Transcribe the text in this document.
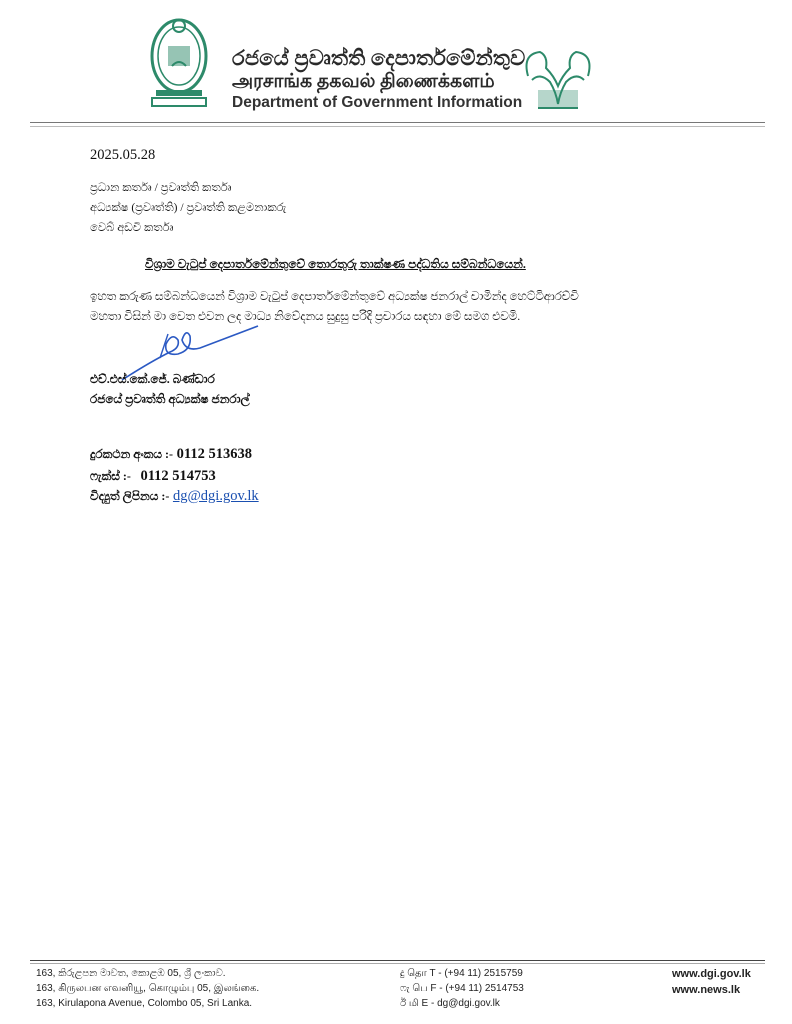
රජයේ ප්‍රවෘත්ති දෙපාර්තමේන්තුව
அரசாங்க தகவல் திணைக்களம்
Department of Government Information
2025.05.28
ප්‍රධාන කර්තෘ / ප්‍රවෘත්ති කර්තෘ
අධ්‍යක්ෂ (ප්‍රවෘත්ති) / ප්‍රවෘත්ති කළමනාකරු
වෙබ් අඩවි කර්තෘ
විශ්‍රාම වැටුප් දෙපාර්තමේන්තුවේ තොරතුරු තාක්ෂණ පද්ධතිය සම්බන්ධයෙන්.
ඉහත කරුණ සම්බන්ධයෙන් විශ්‍රාම වැටුප් දෙපාර්තමේන්තුවේ අධ්‍යක්ෂ ජනරාල් චාමින්ද හෙට්ටිආරච්චි
මහතා විසින් මා වෙත එවන ලද මාධ්‍ය නිවේදනය සුදුසු පරිදි ප්‍රචාරය සඳහා මේ සමග එවමි.
එච්.එස්.කේ.ජේ. බණ්ඩාර
රජයේ ප්‍රවෘත්ති අධ්‍යක්ෂ ජනරාල්
දුරකථන අංකය :- 0112 513638
ෆැක්ස් :- 0112 514753
විද්‍යුත් ලිපිනය :- dg@dgi.gov.lk
163, කිරුළපන මාවත, කොළඹ 05, ශ්‍රී ලංකාව.
163, கிருலபன எவனியூ, கொழும்பு 05, இலங்கை.
163, Kirulapona Avenue, Colombo 05, Sri Lanka.
දු தொ T - (+94 11) 2515759
ෆැ பெ F - (+94 11) 2514753
ඊ மி E - dg@dgi.gov.lk
www.dgi.gov.lk
www.news.lk
